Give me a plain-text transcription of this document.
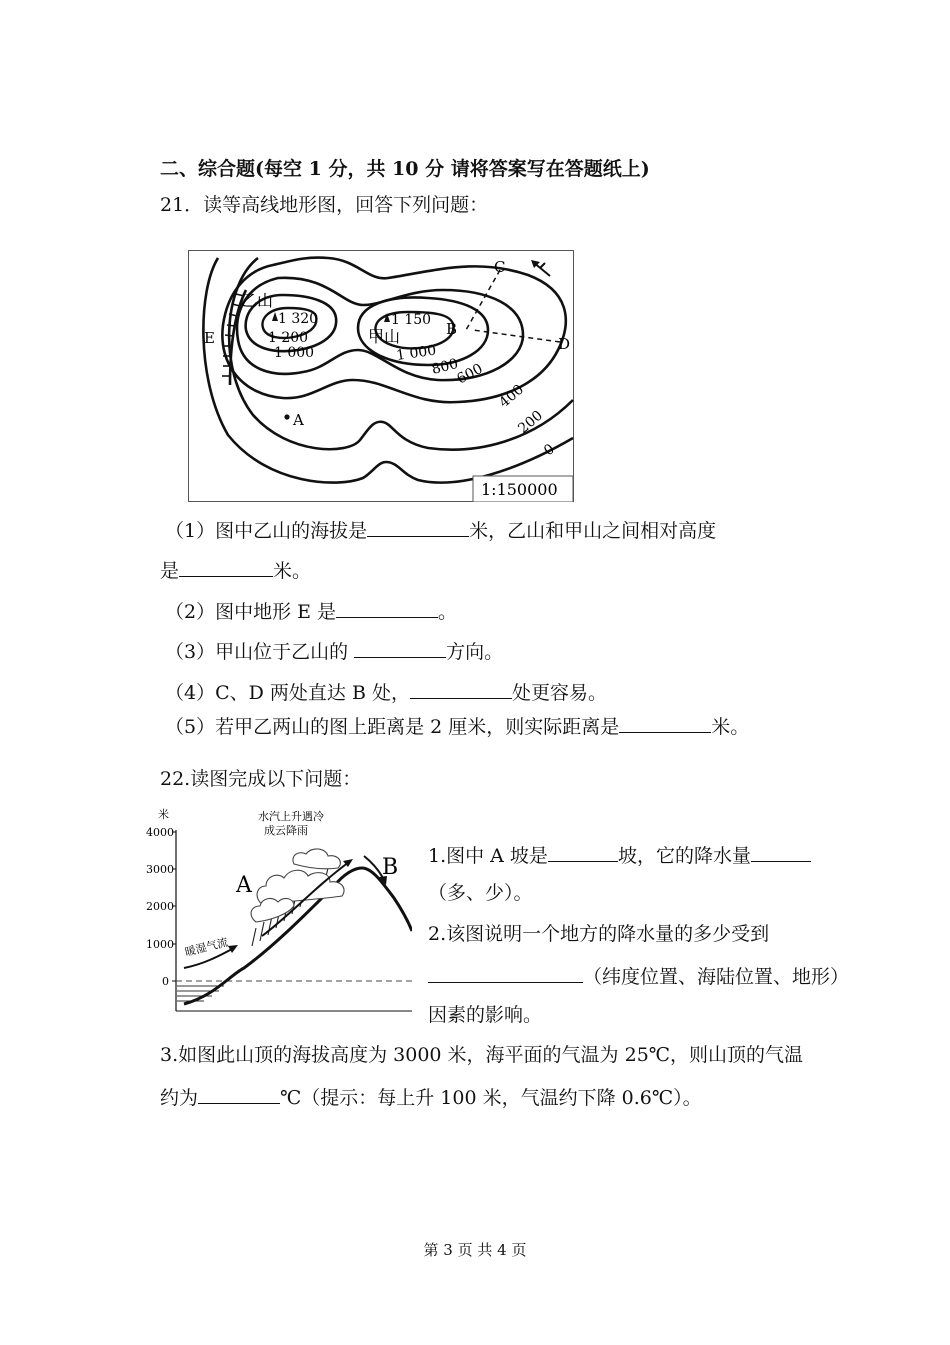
二、综合题(每空 1 分，共 10 分 请将答案写在答题纸上)
21．读等高线地形图，回答下列问题：
乙山
1 320
1 200
1 000
1 150
甲山
1 000
800
600
400
200
0
A
B
C
D
E
1:150000
（1）图中乙山的海拔是	米，乙山和甲山之间相对高度
是	米。
（2）图中地形 E 是	。
（3）甲山位于乙山的	方向。
（4）C、D 两处直达 B 处，	处更容易。
（5）若甲乙两山的图上距离是 2 厘米，则实际距离是	米。
22.读图完成以下问题：
米
4000
3000
2000
1000
0
水汽上升遇冷
成云降雨
A
B
暖湿气流
1.图中 A 坡是	坡，它的降水量
（多、少）。
2.该图说明一个地方的降水量的多少受到
（纬度位置、海陆位置、地形）
因素的影响。
3.如图此山顶的海拔高度为 3000 米，海平面的气温为 25℃，则山顶的气温
约为	℃（提示：每上升 100 米，气温约下降 0.6℃）。
第 3 页 共 4 页
